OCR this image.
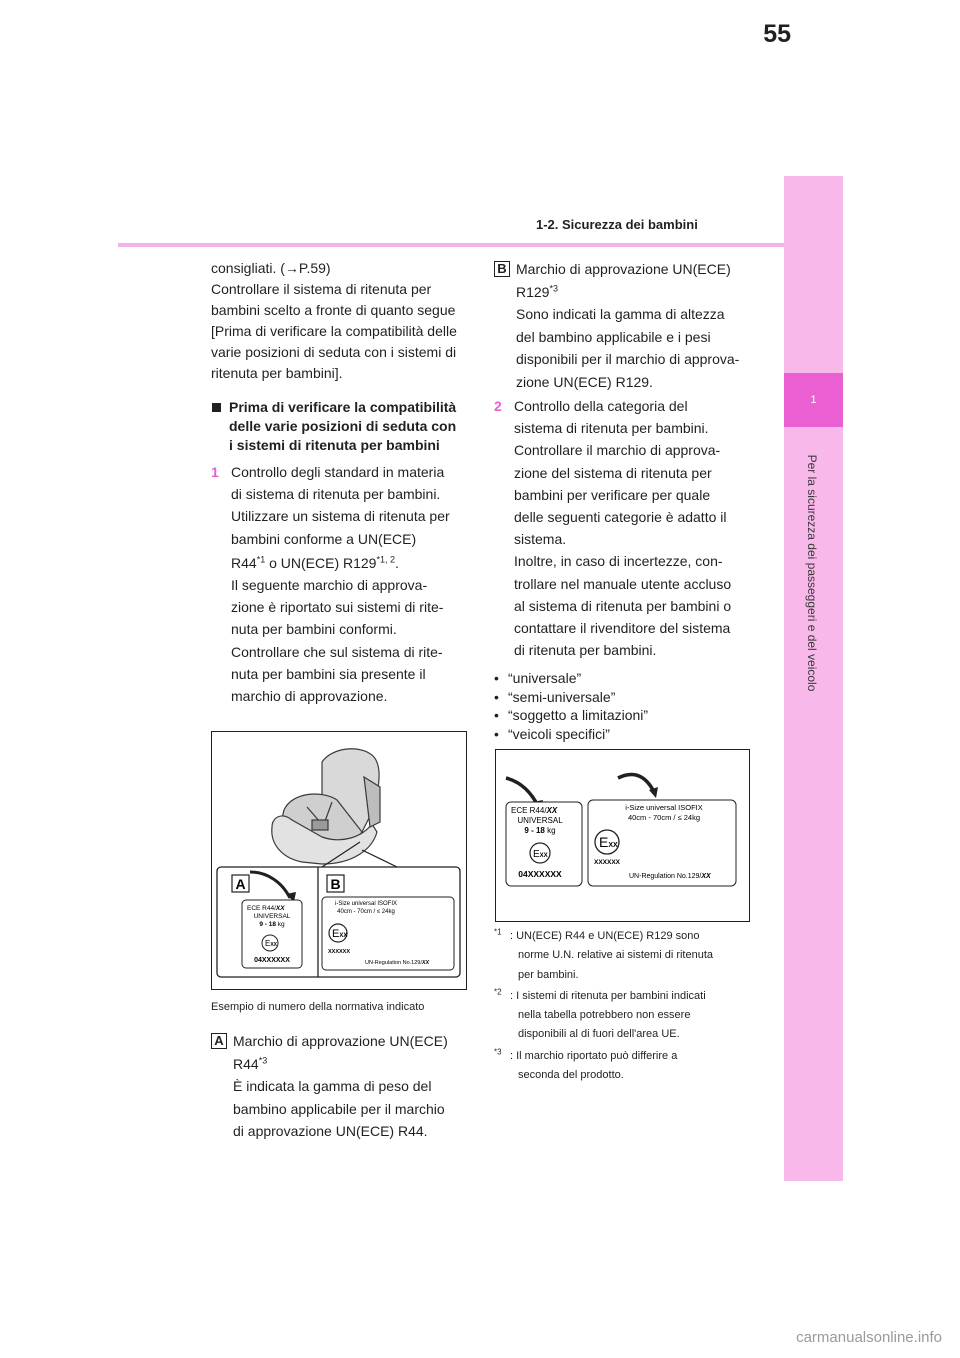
55
1-2. Sicurezza dei bambini
1
Per la sicurezza dei passeggeri e del veicolo

consigliati. (→P.59)

Controllare il sistema di ritenuta per

bambini scelto a fronte di quanto segue

[Prima di verificare la compatibilità delle

varie posizioni di seduta con i sistemi di

ritenuta per bambini].

Prima di verificare la compatibilità
delle varie posizioni di seduta con
i sistemi di ritenuta per bambini
1 Controllo degli standard in materia
di sistema di ritenuta per bambini.
Utilizzare un sistema di ritenuta per
bambini conforme a UN(ECE)
R44$^{*1}$ o UN(ECE) R129$^{*1, 2}$.
Il seguente marchio di approva-
zione è riportato sui sistemi di rite-
nuta per bambini conformi.
Controllare che sul sistema di rite-
nuta per bambini sia presente il
marchio di approvazione.
A	B
ECE R44/XX
UNIVERSAL
9 - 18 kg
EXX
04XXXXXX
i-Size universal ISOFIX
40cm - 70cm / ≤ 24kg
EXX
XXXXXX
UN-Regulation No.129/XX
Esempio di numero della normativa indicato
A Marchio di approvazione UN(ECE)
R44$^{*3}$
È indicata la gamma di peso del
bambino applicabile per il marchio
di approvazione UN(ECE) R44.
B Marchio di approvazione UN(ECE)
R129$^{*3}$
Sono indicati la gamma di altezza
del bambino applicabile e i pesi
disponibili per il marchio di approva-
zione UN(ECE) R129.
2 Controllo della categoria del
sistema di ritenuta per bambini.
Controllare il marchio di approva-
zione del sistema di ritenuta per
bambini per verificare per quale
delle seguenti categorie è adatto il
sistema.
Inoltre, in caso di incertezze, con-
trollare nel manuale utente accluso
al sistema di ritenuta per bambini o
contattare il rivenditore del sistema
di ritenuta per bambini.
• “universale”
• “semi-universale”
• “soggetto a limitazioni”
• “veicoli specifici”
ECE R44/XX
UNIVERSAL
9 - 18 kg
EXX
04XXXXXX
i-Size universal ISOFIX
40cm - 70cm / ≤ 24kg
EXX
XXXXXX
UN-Regulation No.129/XX
$^{*1}$ : UN(ECE) R44 e UN(ECE) R129 sono
norme U.N. relative ai sistemi di ritenuta
per bambini.
$^{*2}$ : I sistemi di ritenuta per bambini indicati
nella tabella potrebbero non essere
disponibili al di fuori dell'area UE.
$^{*3}$ : Il marchio riportato può differire a
seconda del prodotto.
carmanualsonline.info
